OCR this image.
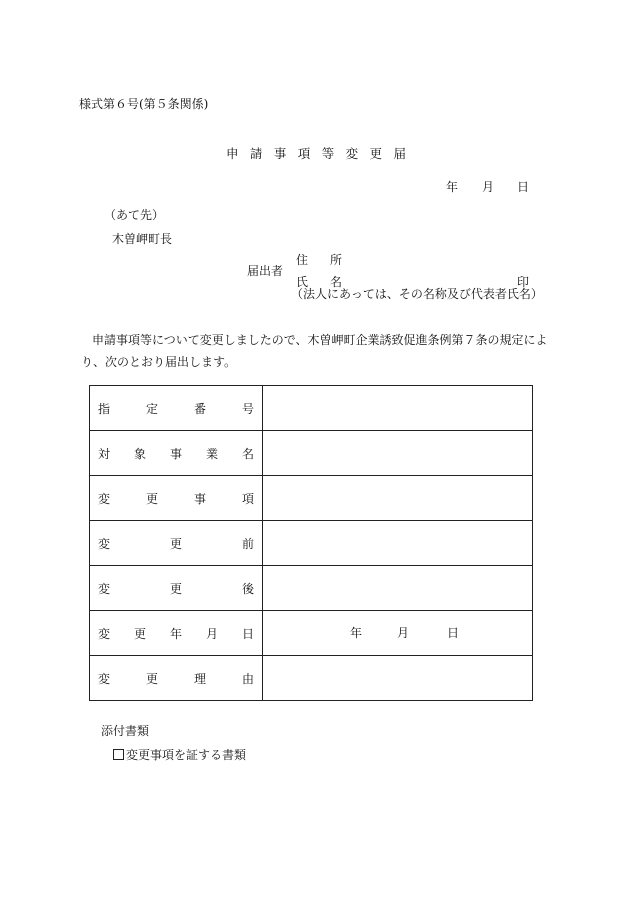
様式第６号(第５条関係)
申 請 事 項 等 変 更 届
年 月 日
（あて先）
木曽岬町長
届出者
住 所
氏 名	印
（法人にあっては、その名称及び代表者氏名）
申請事項等について変更しましたので、木曽岬町企業誘致促進条例第７条の規定によ
り、次のとおり届出します。
指 定 番 号	

対 象 事 業 名	

変 更 事 項	

変 更 前	

変 更 後	

変 更 年 月 日	年 月 日

変 更 理 由	

添付書類
変更事項を証する書類
